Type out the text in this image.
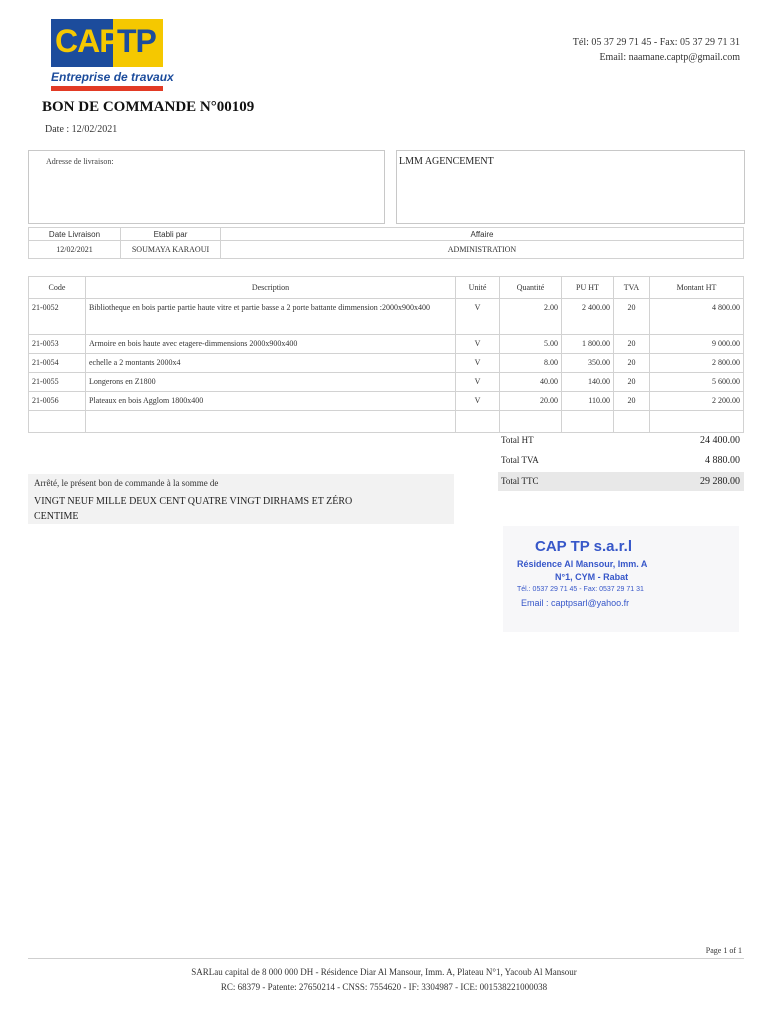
CAP
TP
Entreprise de travaux
Tél: 05 37 29 71 45 - Fax: 05 37 29 71 31
Email: naamane.captp@gmail.com
BON DE COMMANDE N°00109
Date : 12/02/2021
Adresse de livraison:	LMM AGENCEMENT
Date Livraison	Etabli par	Affaire
12/02/2021	SOUMAYA KARAOUI	ADMINISTRATION
Code	Description	Unité	Quantité	PU HT	TVA	Montant HT
21-0052	Bibliotheque en bois partie partie haute vitre et partie basse a 2 porte battante dimmension :2000x900x400	V	2.00	2 400.00	20	4 800.00
21-0053	Armoire en bois haute avec etagere-dimmensions 2000x900x400	V	5.00	1 800.00	20	9 000.00
21-0054	echelle a 2 montants 2000x4	V	8.00	350.00	20	2 800.00
21-0055	Longerons en Z1800	V	40.00	140.00	20	5 600.00
21-0056	Plateaux en bois Agglom 1800x400	V	20.00	110.00	20	2 200.00

Total HT	24 400.00
Total TVA	4 880.00
Total TTC	29 280.00
Arrêté, le présent bon de commande à la somme de
VINGT NEUF MILLE DEUX CENT QUATRE VINGT DIRHAMS ET ZÉRO CENTIME
CAP TP s.a.r.l
Résidence Al Mansour, Imm. A
N°1, CYM - Rabat
Tél.: 0537 29 71 45 - Fax: 0537 29 71 31
Email : captpsarl@yahoo.fr
Page 1 of 1
SARLau capital de 8 000 000 DH - Résidence Diar Al Mansour, Imm. A, Plateau N°1, Yacoub Al Mansour
RC: 68379 - Patente: 27650214 - CNSS: 7554620 - IF: 3304987 - ICE: 001538221000038
